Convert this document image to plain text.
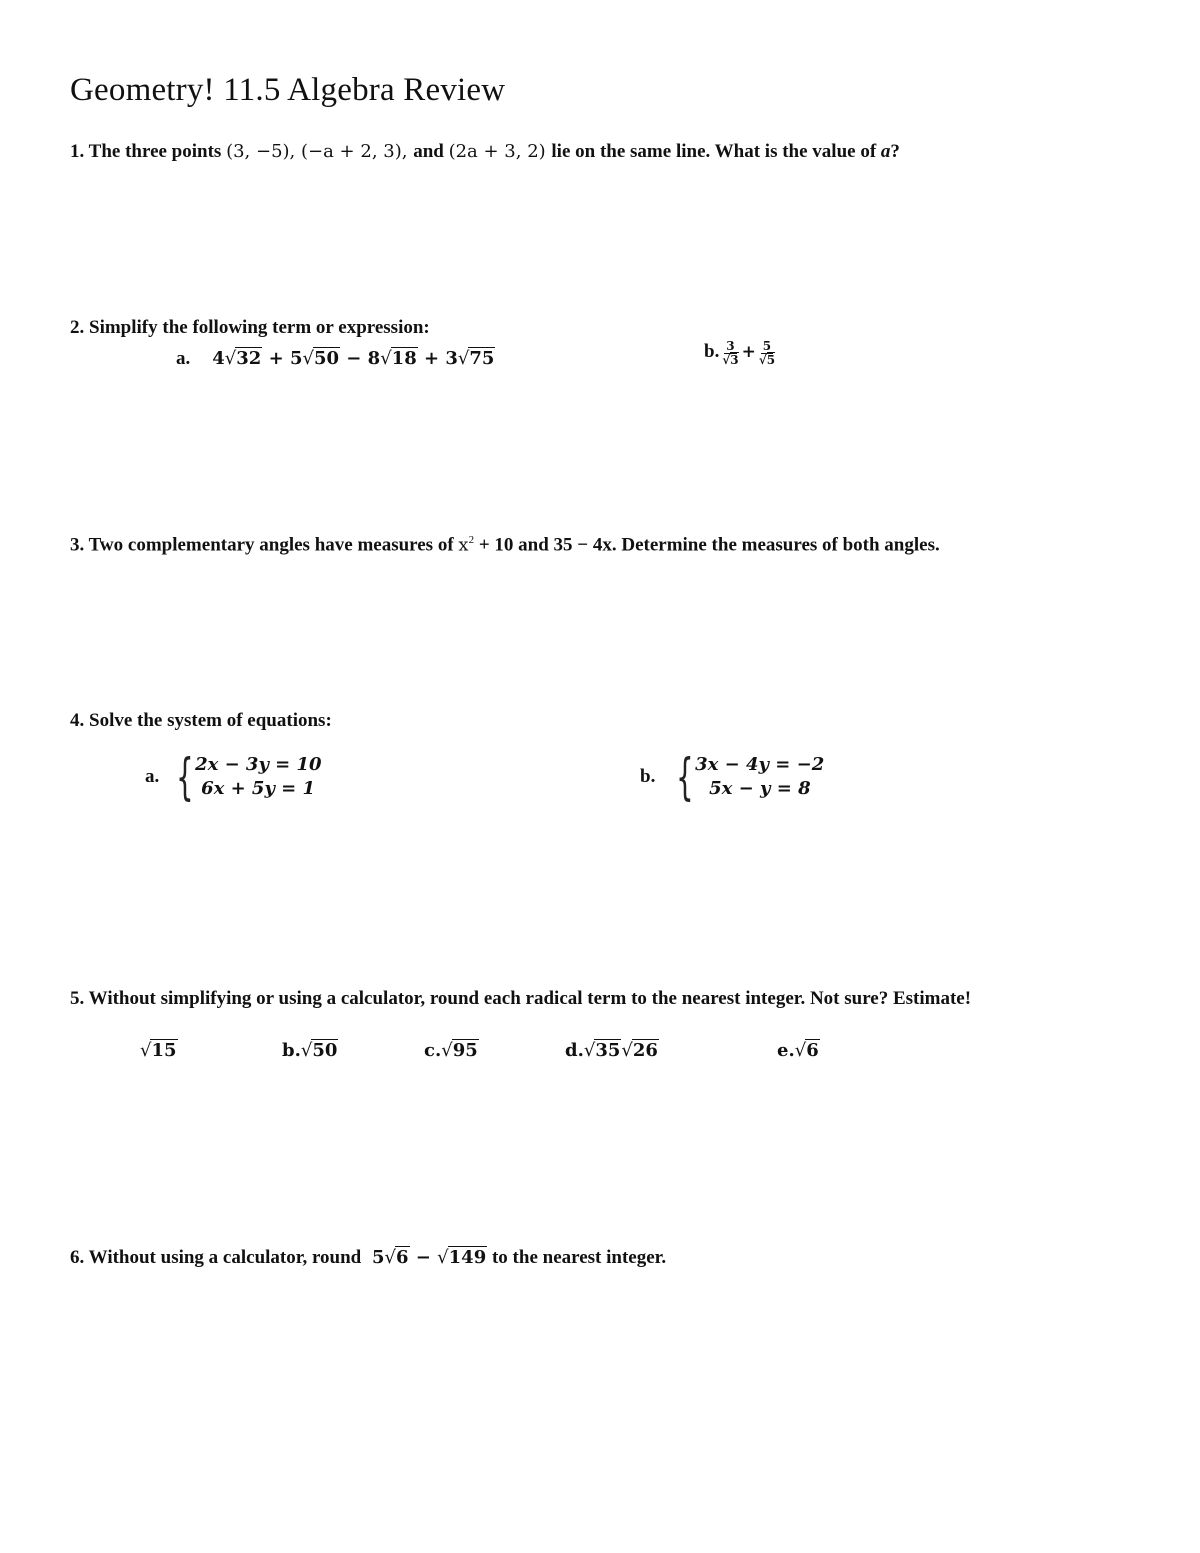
Geometry! 11.5 Algebra Review
1. The three points (3, −5), (−a + 2, 3), and (2a + 3, 2) lie on the same line. What is the value of a?
2. Simplify the following term or expression:
a. 4√32 + 5√50 − 8√18 + 3√75	b. $\frac{3}{√3} + \frac{5}{√5}$
3. Two complementary angles have measures of $x^2 + 10$ and 35 − 4x. Determine the measures of both angles.
4. Solve the system of equations:
a. { 2x − 3y = 10
6x + 5y = 1
b. { 3x − 4y = −2
5x − y = 8
5. Without simplifying or using a calculator, round each radical term to the nearest integer. Not sure? Estimate!
√15	b.√50	c.√95	d.√35√26	e.√6
6. Without using a calculator, round 5√6 − √149 to the nearest integer.
